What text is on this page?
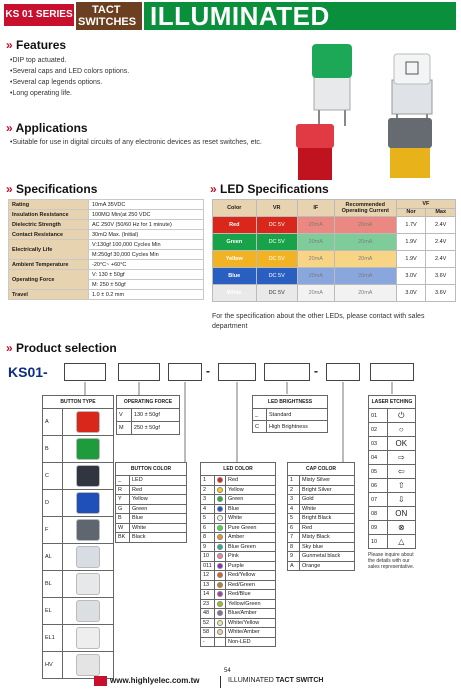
KS 01 SERIES TACT
SWITCHES ILLUMINATED
» Features
• DIP top actuated.
• Several caps and LED colors options.
• Several cap legends options.
• Long operating life.
» Applications
• Suitable for use in digital circuits of any electronic devices as reset switches, etc.
» Specifications
Rating	10mA 35VDC
Insulation Resistance	100MΩ Min(at 250 VDC
Dielectric Strength	AC 250V (50/60 Hz for 1 minute)
Contact Resistance	30mΩ Max. (Initial)
Electrically Life	V:130gf 100,000 Cycles Min
	M:250gf 30,000 Cycles Min
Ambient Temperature	-20°C~ +60°C
Operating Force	V: 130 ± 50gf
	M: 250 ± 50gf
Travel	1.0 ± 0.2 mm
» LED Specifications
Color	VR	IF	Recommended Operating Current	VF	
				Nor	Max
Red	DC 5V	20mA	20mA	1.7V	2.4V
Green	DC 5V	20mA	20mA	1.9V	2.4V
Yellow	DC 5V	20mA	20mA	1.9V	2.4V
Blue	DC 5V	20mA	20mA	3.0V	3.6V
White	DC 5V	20mA	20mA	3.0V	3.6V
For the specification about the other LEDs, please contact with sales department
» Product selection
KS01-	-	-
BUTTON TYPE	
A	

B	

C	

D	

F	

AL	

BL	

EL	

EL1	

HV	
OPERATING FORCE	
V	130 ± 50gf
M	250 ± 50gf
LED BRIGHTNESS	
_	Standard
C	High Brightness
LASER ETCHING	
01	⏻
02	○
03	OK
04	⇨
05	⇦
06	⇧
07	⇩
08	ON
09	⊗
10	△
Please inquire about the details with our sales representative.
BUTTON COLOR	
_	LED
R	Red
Y	Yellow
G	Green
B	Blue
W	White
BK	Black
LED COLOR		
1		Red
2		Yellow
3		Green
4		Blue
5		White
6		Pure Green
8		Amber
9		Blue Green
10		Pink
011		Purple
12		Red/Yellow
13		Red/Green
14		Red/Blue
23		Yellow/Green
48		Blue/Amber
52		White/Yellow
58		White/Amber
-		Non-LED
CAP COLOR	
1	Misty Silver
2	Bright Silver
3	Gold
4	White
5	Bright Black
6	Red
7	Misty Black
8	Sky blue
9	Gunmetal black
A	Orange
www.highlyelec.com.tw
54
ILLUMINATED TACT SWITCH
